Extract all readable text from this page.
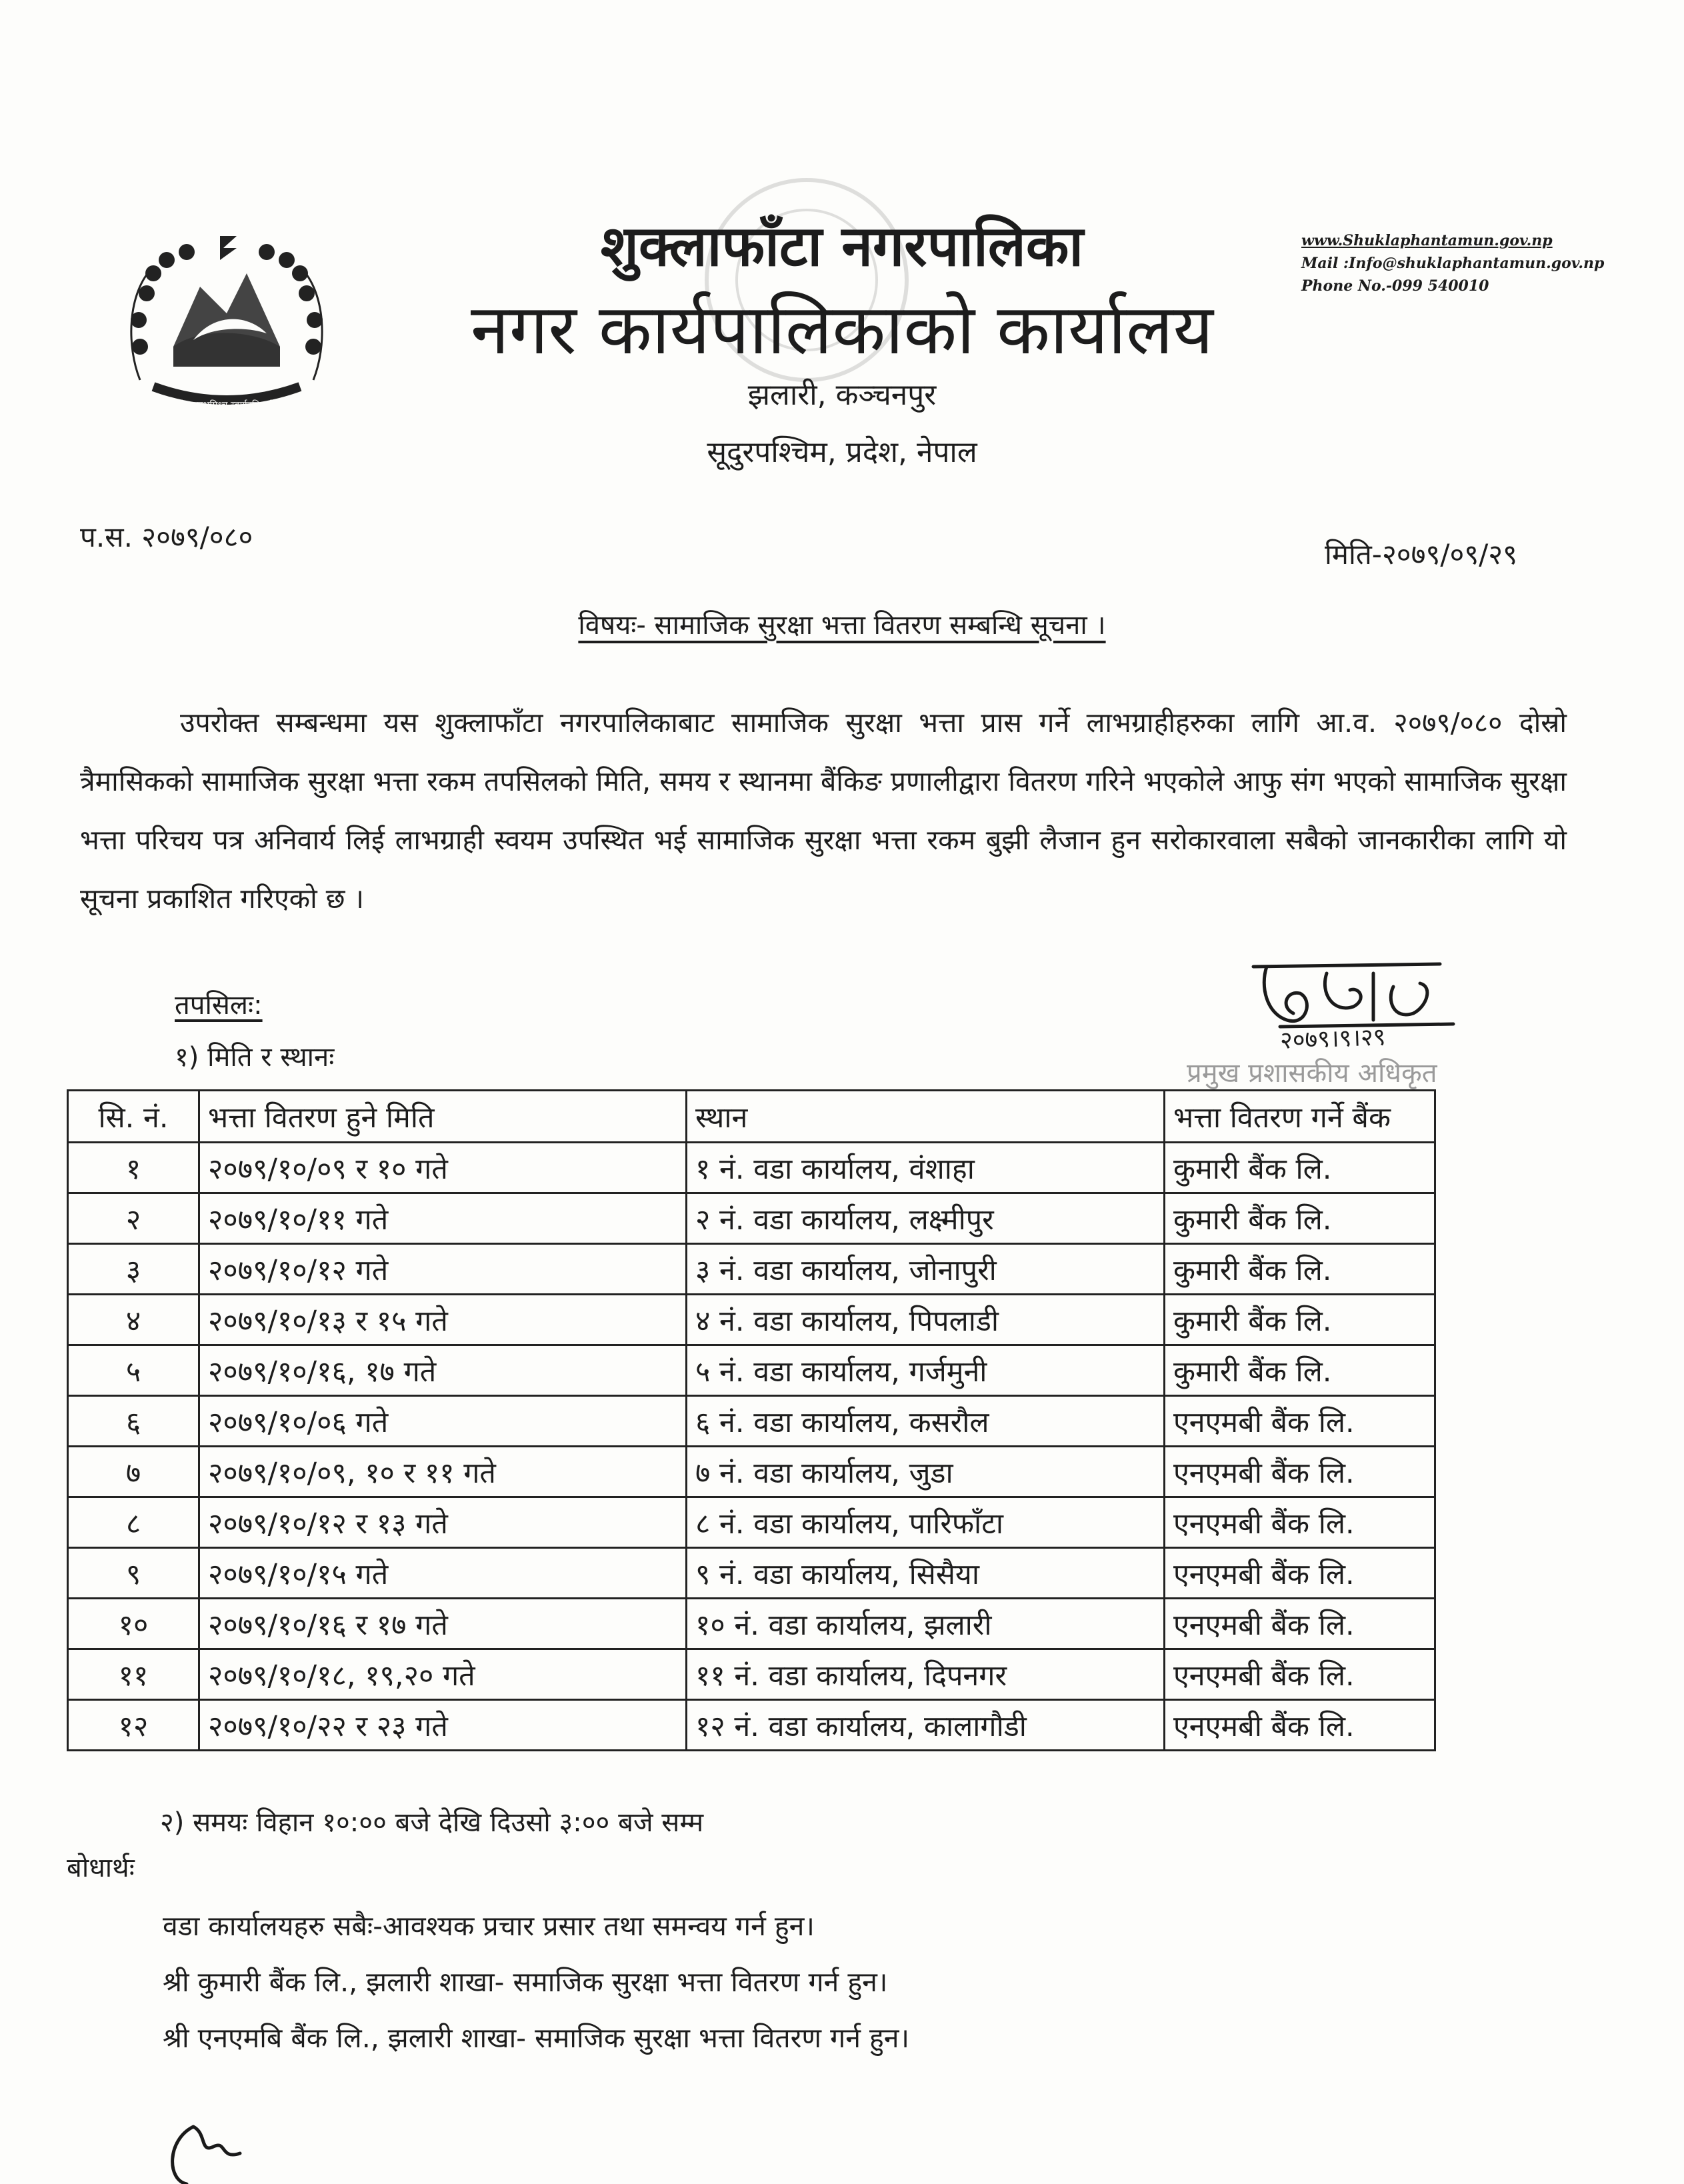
जननी जन्मभूमिश्च स्वर्गादपि गरीयसी
शुक्लाफाँटा नगरपालिका
नगर कार्यपालिकाको कार्यालय
झलारी, कञ्चनपुर
सूदुरपश्चिम, प्रदेश, नेपाल
www.Shuklaphantamun.gov.np
Mail :Info@shuklaphantamun.gov.np
Phone No.-099 540010
प.स. २०७९/०८०
मिति-२०७९/०९/२९
विषयः- सामाजिक सुरक्षा भत्ता वितरण सम्बन्धि सूचना ।
उपरोक्त सम्बन्धमा यस शुक्लाफाँटा नगरपालिकाबाट सामाजिक सुरक्षा भत्ता प्रास गर्ने लाभग्राहीहरुका लागि आ.व. २०७९/०८० दोस्रो त्रैमासिकको सामाजिक सुरक्षा भत्ता रकम तपसिलको मिति, समय र स्थानमा बैंकिङ प्रणालीद्वारा वितरण गरिने भएकोले आफु संग भएको सामाजिक सुरक्षा भत्ता परिचय पत्र अनिवार्य लिई लाभग्राही स्वयम उपस्थित भई सामाजिक सुरक्षा भत्ता रकम बुझी लैजान हुन सरोकारवाला सबैको जानकारीका लागि यो सूचना प्रकाशित गरिएको छ ।
२०७९।९।२९
प्रमुख प्रशासकीय अधिकृत
तपसिलः:
१) मिति र स्थानः
सि. नं.	भत्ता वितरण हुने मिति	स्थान	भत्ता वितरण गर्ने बैंक
१	२०७९/१०/०९ र १० गते	१ नं. वडा कार्यालय, वंशाहा	कुमारी बैंक लि.
२	२०७९/१०/११ गते	२ नं. वडा कार्यालय, लक्ष्मीपुर	कुमारी बैंक लि.
३	२०७९/१०/१२ गते	३ नं. वडा कार्यालय, जोनापुरी	कुमारी बैंक लि.
४	२०७९/१०/१३ र १५ गते	४ नं. वडा कार्यालय, पिपलाडी	कुमारी बैंक लि.
५	२०७९/१०/१६, १७ गते	५ नं. वडा कार्यालय, गर्जमुनी	कुमारी बैंक लि.
६	२०७९/१०/०६ गते	६ नं. वडा कार्यालय, कसरौल	एनएमबी बैंक लि.
७	२०७९/१०/०९, १० र ११ गते	७ नं. वडा कार्यालय, जुडा	एनएमबी बैंक लि.
८	२०७९/१०/१२ र १३ गते	८ नं. वडा कार्यालय, पारिफाँटा	एनएमबी बैंक लि.
९	२०७९/१०/१५ गते	९ नं. वडा कार्यालय, सिसैया	एनएमबी बैंक लि.
१०	२०७९/१०/१६ र १७ गते	१० नं. वडा कार्यालय, झलारी	एनएमबी बैंक लि.
११	२०७९/१०/१८, १९,२० गते	११ नं. वडा कार्यालय, दिपनगर	एनएमबी बैंक लि.
१२	२०७९/१०/२२ र २३ गते	१२ नं. वडा कार्यालय, कालागौडी	एनएमबी बैंक लि.
२) समयः विहान १०:०० बजे देखि दिउसो ३:०० बजे सम्म
बोधार्थः
वडा कार्यालयहरु सबैः-आवश्यक प्रचार प्रसार तथा समन्वय गर्न हुन।
श्री कुमारी बैंक लि., झलारी शाखा- समाजिक सुरक्षा भत्ता वितरण गर्न हुन।
श्री एनएमबि बैंक लि., झलारी शाखा- समाजिक सुरक्षा भत्ता वितरण गर्न हुन।
